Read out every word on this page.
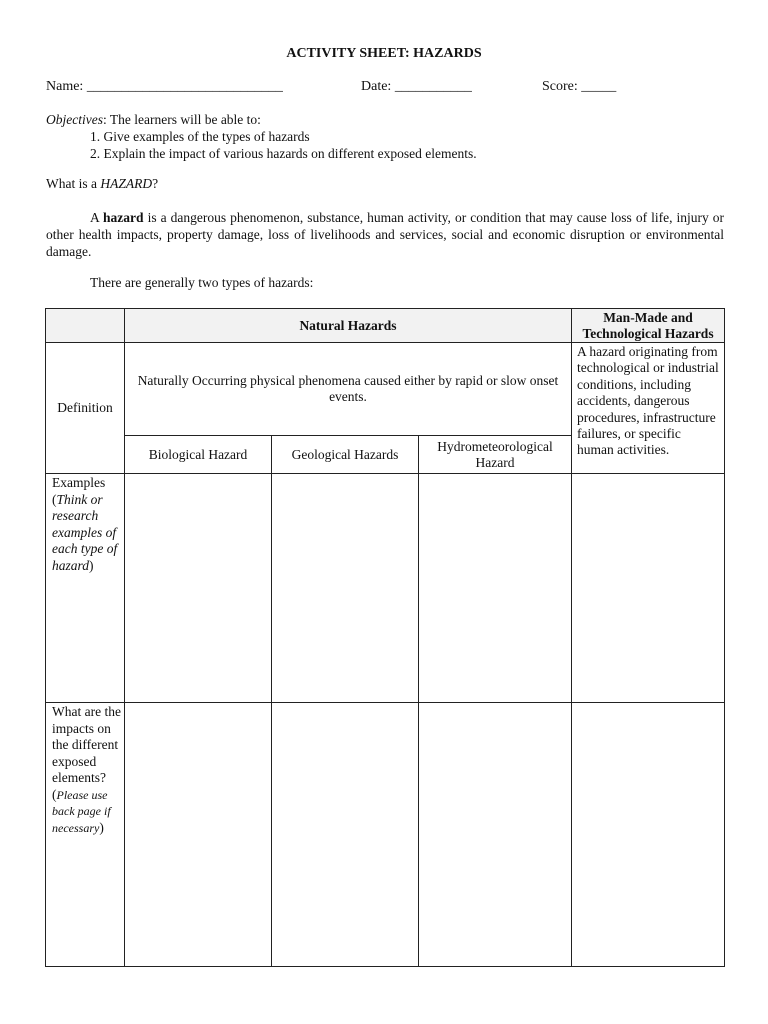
ACTIVITY SHEET: HAZARDS
Name: ____________________________	Date: ___________	Score: _____
Objectives: The learners will be able to:
1. Give examples of the types of hazards
2. Explain the impact of various hazards on different exposed elements.
What is a HAZARD?
A hazard is a dangerous phenomenon, substance, human activity, or condition that may cause loss of life, injury or other health impacts, property damage, loss of livelihoods and services, social and economic disruption or environmental damage.
There are generally two types of hazards:
	Natural Hazards			Man-Made and
Technological Hazards

Definition	Naturally Occurring physical phenomena caused either by rapid or slow onset events.			A hazard originating from technological or industrial conditions, including accidents, dangerous procedures, infrastructure failures, or specific human activities.
	Biological Hazard	Geological Hazards	Hydrometeorological
Hazard	

Examples
(Think or research examples of each type of hazard)				

What are the impacts on the different exposed elements?
(Please use back page if necessary)				
